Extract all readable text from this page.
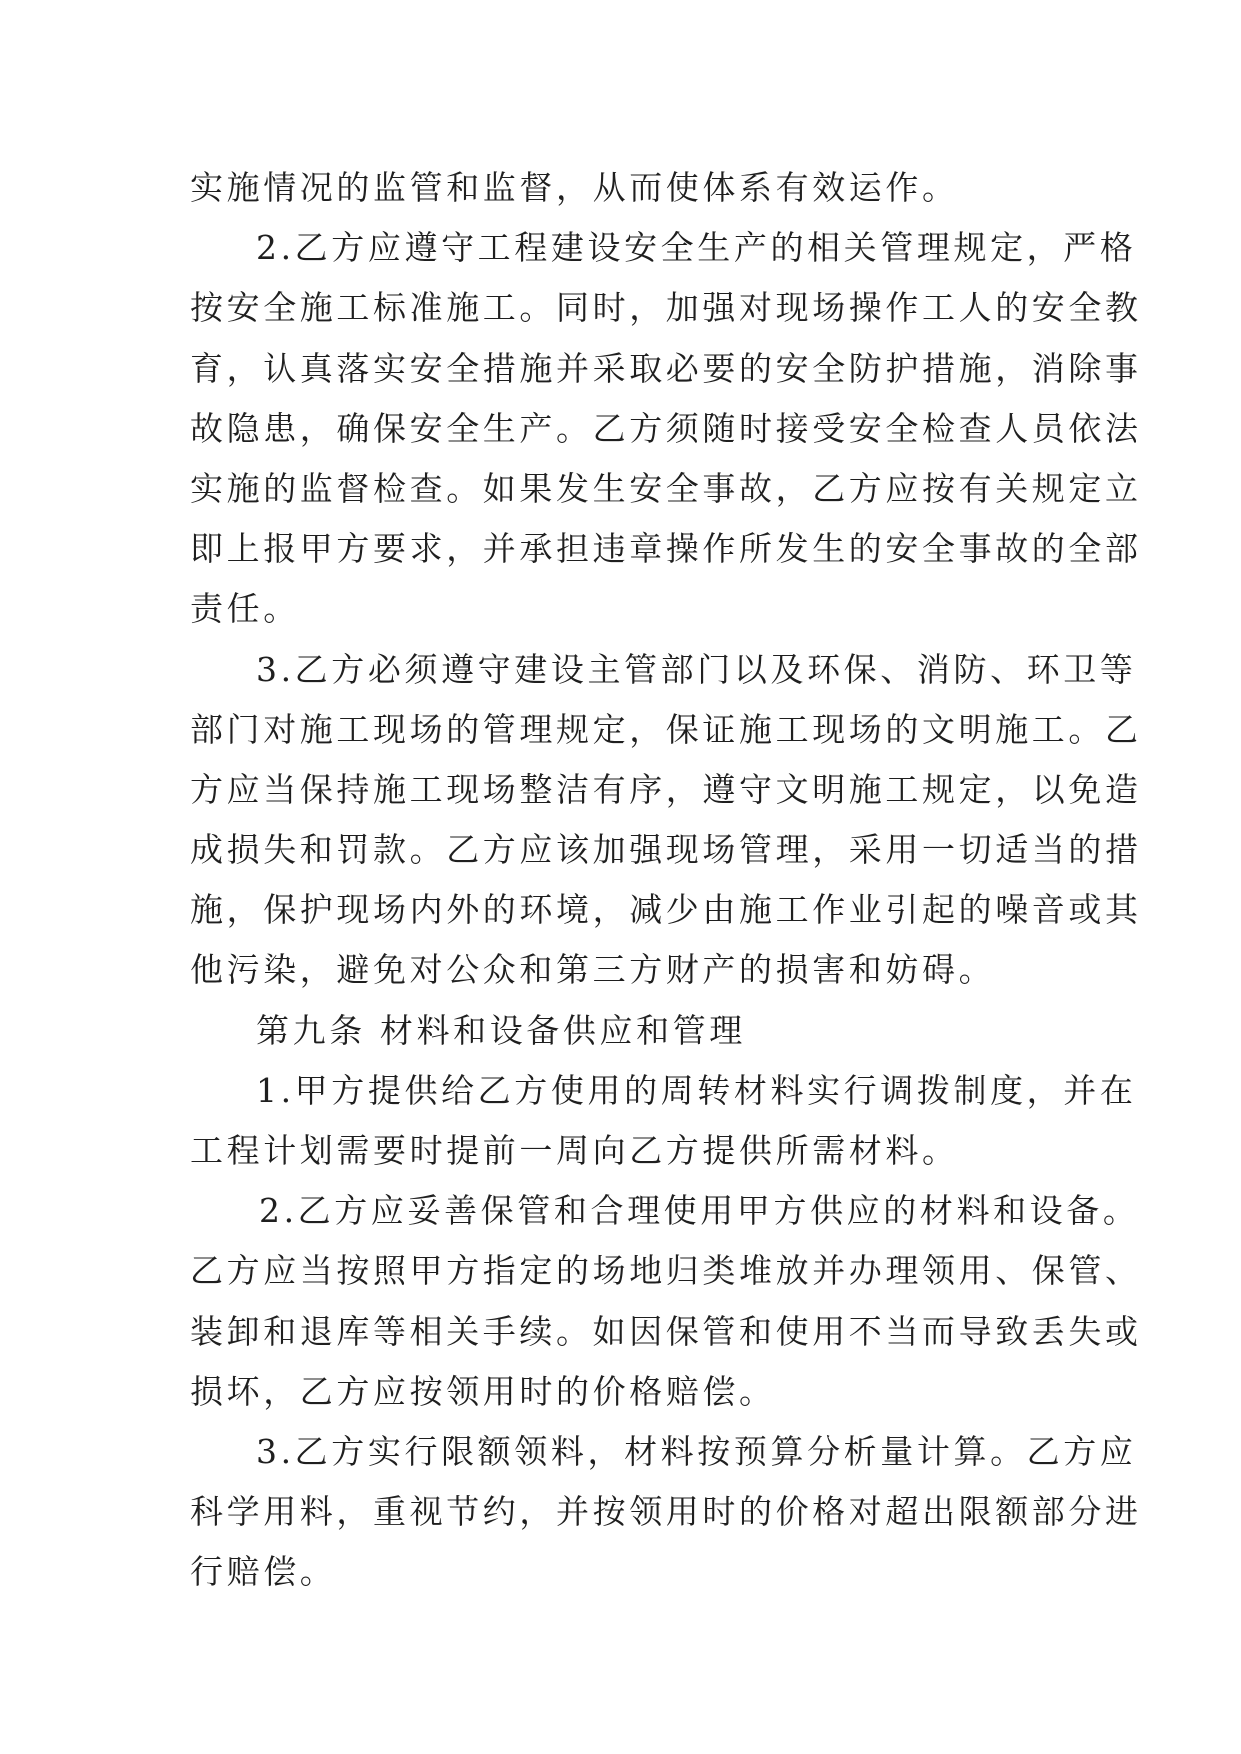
实施情况的监管和监督，从而使体系有效运作。
2.乙方应遵守工程建设安全生产的相关管理规定，严格
按安全施工标准施工。同时，加强对现场操作工人的安全教
育，认真落实安全措施并采取必要的安全防护措施，消除事
故隐患，确保安全生产。乙方须随时接受安全检查人员依法
实施的监督检查。如果发生安全事故，乙方应按有关规定立
即上报甲方要求，并承担违章操作所发生的安全事故的全部
责任。
3.乙方必须遵守建设主管部门以及环保、消防、环卫等
部门对施工现场的管理规定，保证施工现场的文明施工。乙
方应当保持施工现场整洁有序，遵守文明施工规定，以免造
成损失和罚款。乙方应该加强现场管理，采用一切适当的措
施，保护现场内外的环境，减少由施工作业引起的噪音或其
他污染，避免对公众和第三方财产的损害和妨碍。
第九条 材料和设备供应和管理
1.甲方提供给乙方使用的周转材料实行调拨制度，并在
工程计划需要时提前一周向乙方提供所需材料。
2.乙方应妥善保管和合理使用甲方供应的材料和设备。
乙方应当按照甲方指定的场地归类堆放并办理领用、保管、
装卸和退库等相关手续。如因保管和使用不当而导致丢失或
损坏，乙方应按领用时的价格赔偿。
3.乙方实行限额领料，材料按预算分析量计算。乙方应
科学用料，重视节约，并按领用时的价格对超出限额部分进
行赔偿。
